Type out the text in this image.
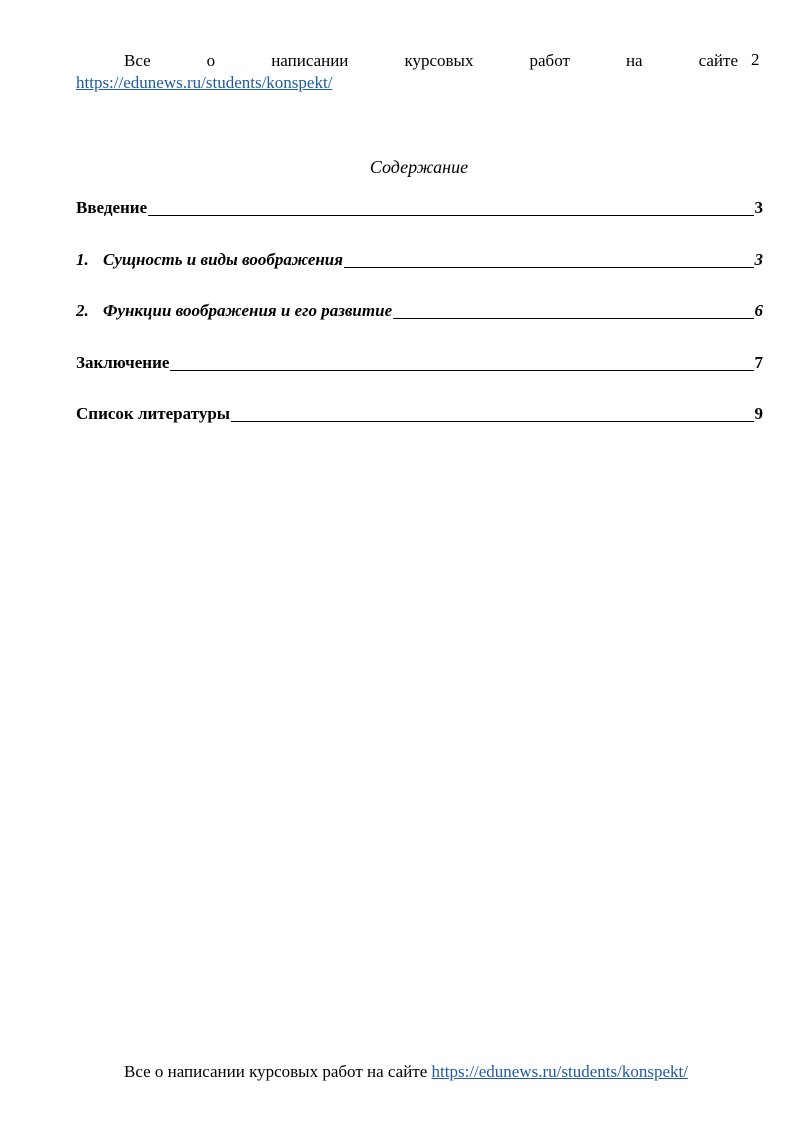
Все	о	написании	курсовых	работ	на	сайте
https://edunews.ru/students/konspekt/
2
Содержание
Введение	3
1. Сущность и виды воображения	3
2. Функции воображения и его развитие	6
Заключение	7
Список литературы	9
Все о написании курсовых работ на сайте https://edunews.ru/students/konspekt/
